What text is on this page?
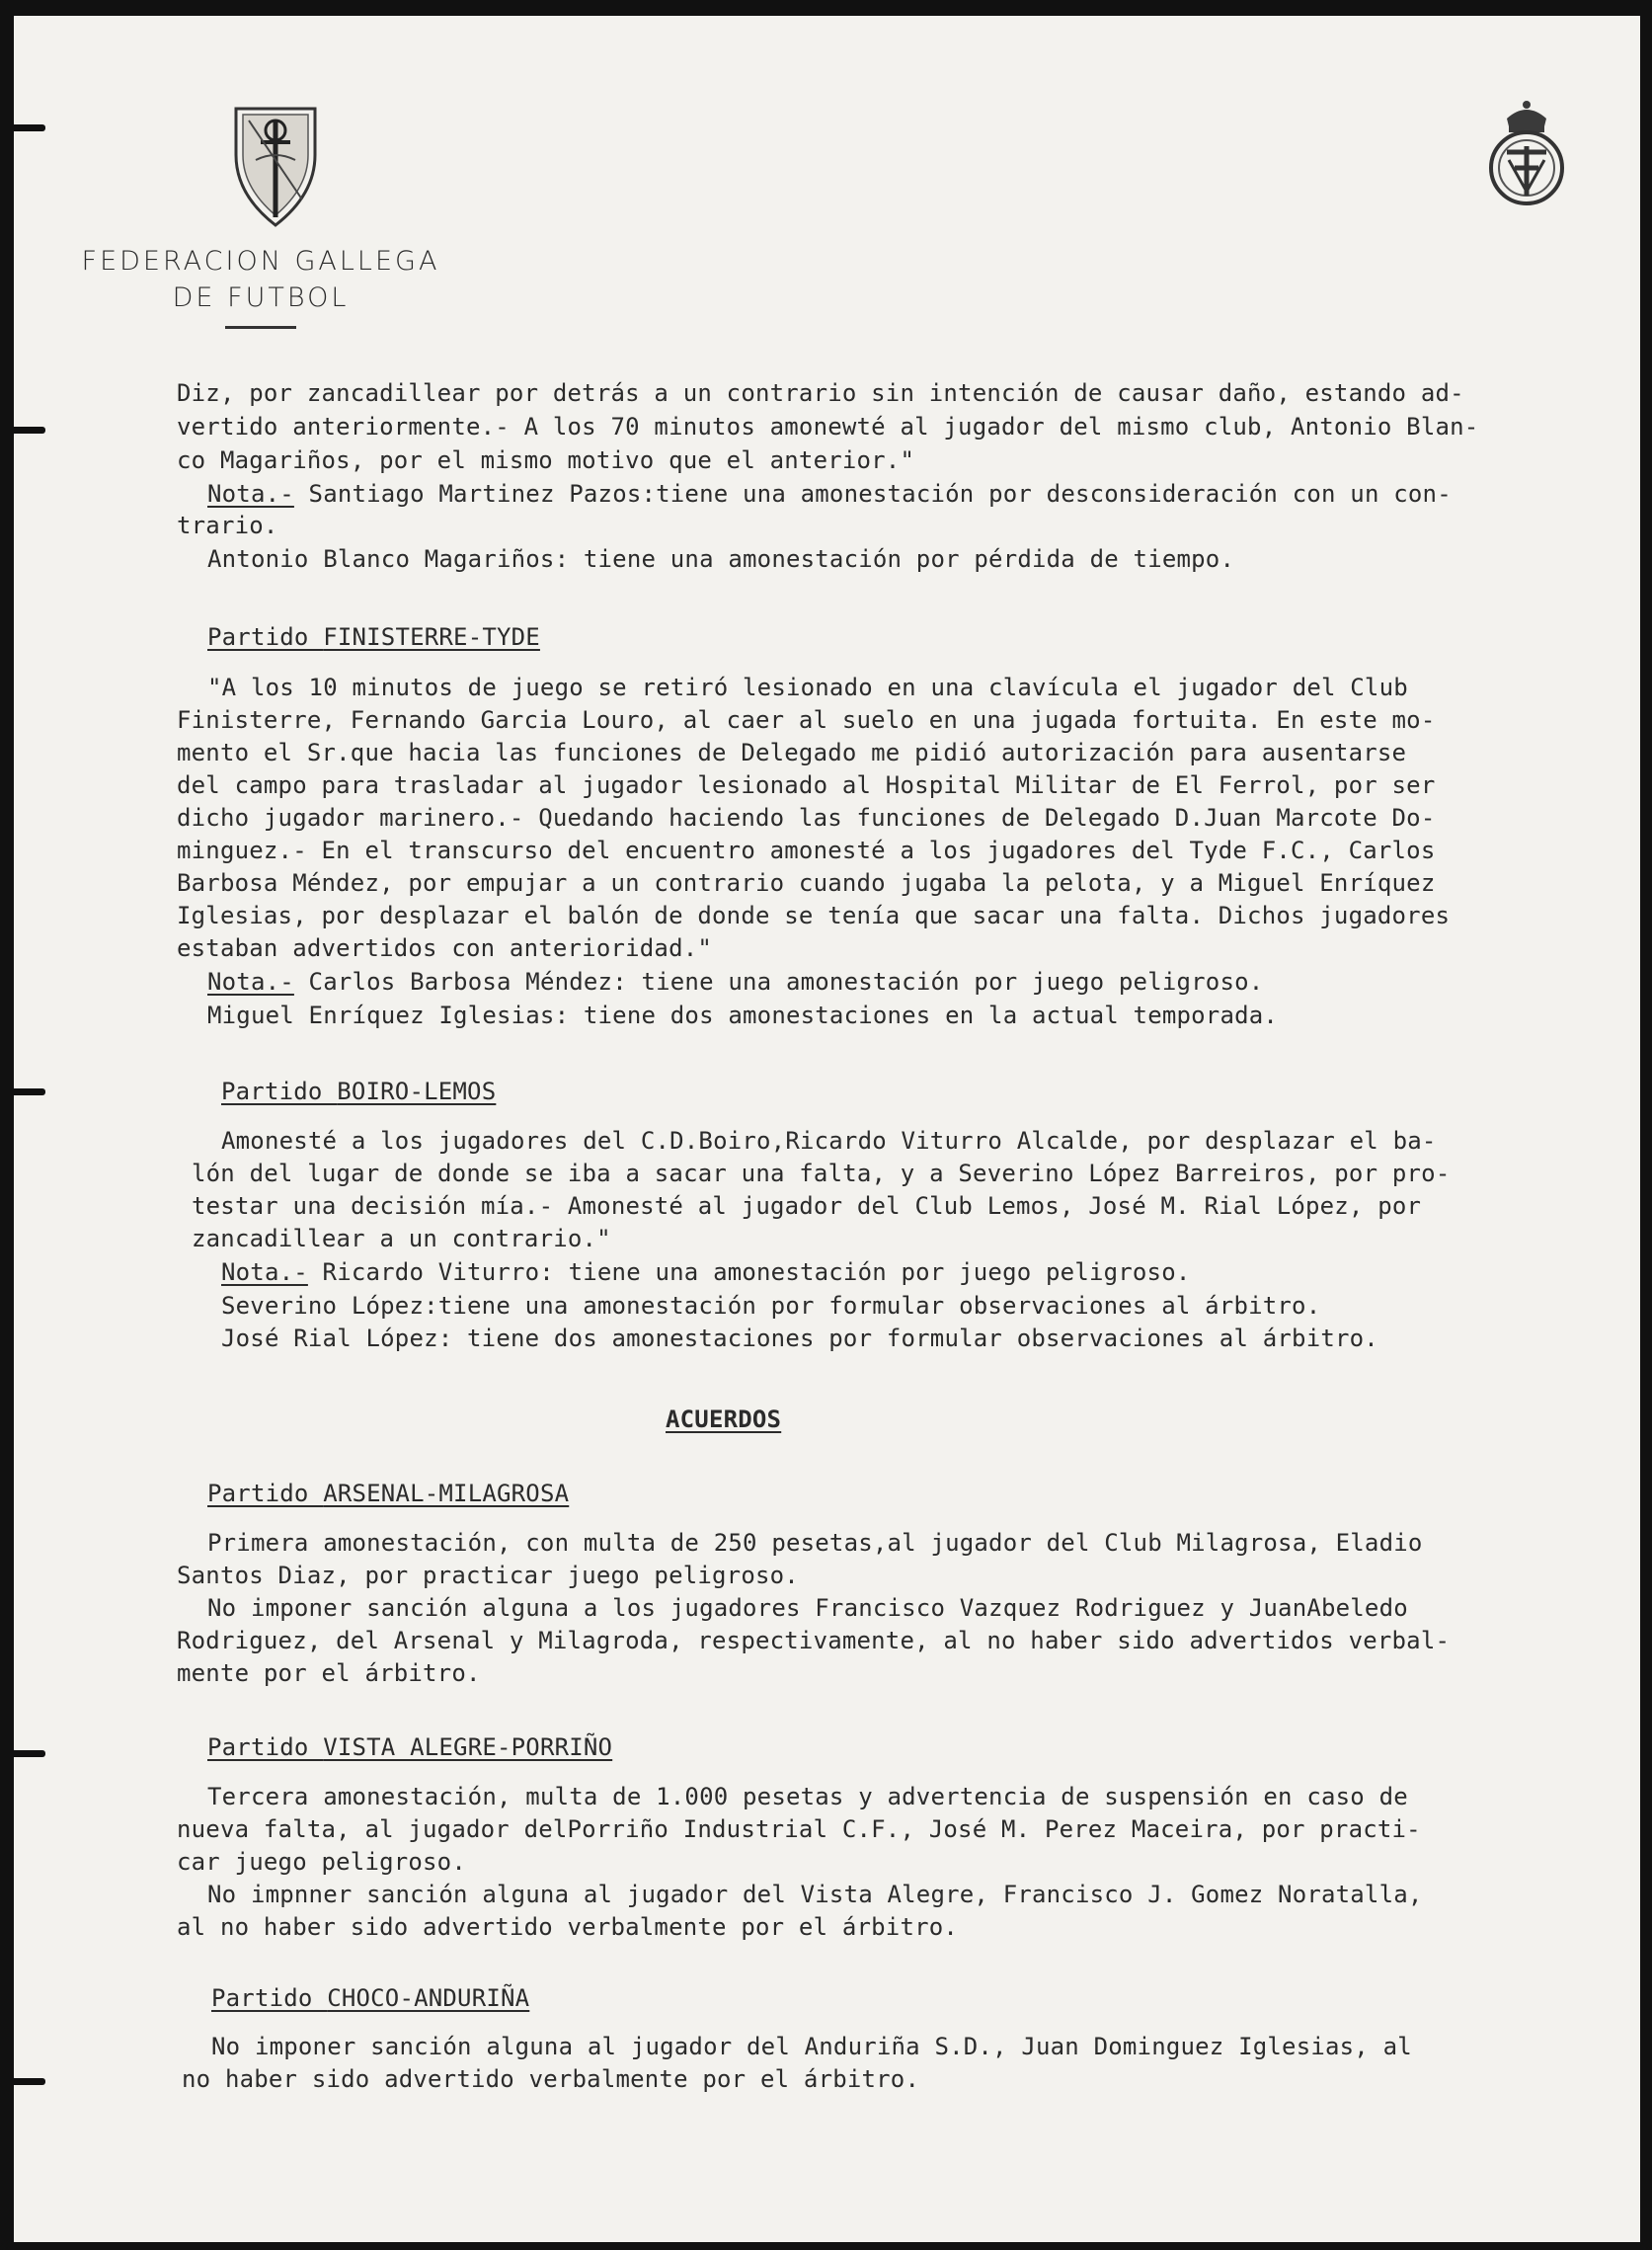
FEDERACION GALLEGA
DE FUTBOL
Diz, por zancadillear por detrás a un contrario sin intención de causar daño, estando ad-
vertido anteriormente.- A los 70 minutos amonewté al jugador del mismo club, Antonio Blan-
co Magariños, por el mismo motivo que el anterior."
Nota.- Santiago Martinez Pazos:tiene una amonestación por desconsideración con un con-
trario.
Antonio Blanco Magariños: tiene una amonestación por pérdida de tiempo.
Partido FINISTERRE-TYDE
"A los 10 minutos de juego se retiró lesionado en una clavícula el jugador del Club
Finisterre, Fernando Garcia Louro, al caer al suelo en una jugada fortuita. En este mo-
mento el Sr.que hacia las funciones de Delegado me pidió autorización para ausentarse
del campo para trasladar al jugador lesionado al Hospital Militar de El Ferrol, por ser
dicho jugador marinero.- Quedando haciendo las funciones de Delegado D.Juan Marcote Do-
minguez.- En el transcurso del encuentro amonesté a los jugadores del Tyde F.C., Carlos
Barbosa Méndez, por empujar a un contrario cuando jugaba la pelota, y a Miguel Enríquez
Iglesias, por desplazar el balón de donde se tenía que sacar una falta. Dichos jugadores
estaban advertidos con anterioridad."
Nota.- Carlos Barbosa Méndez: tiene una amonestación por juego peligroso.
Miguel Enríquez Iglesias: tiene dos amonestaciones en la actual temporada.
Partido BOIRO-LEMOS
Amonesté a los jugadores del C.D.Boiro,Ricardo Viturro Alcalde, por desplazar el ba-
lón del lugar de donde se iba a sacar una falta, y a Severino López Barreiros, por pro-
testar una decisión mía.- Amonesté al jugador del Club Lemos, José M. Rial López, por
zancadillear a un contrario."
Nota.- Ricardo Viturro: tiene una amonestación por juego peligroso.
Severino López:tiene una amonestación por formular observaciones al árbitro.
José Rial López: tiene dos amonestaciones por formular observaciones al árbitro.
ACUERDOS
Partido ARSENAL-MILAGROSA
Primera amonestación, con multa de 250 pesetas,al jugador del Club Milagrosa, Eladio
Santos Diaz, por practicar juego peligroso.
No imponer sanción alguna a los jugadores Francisco Vazquez Rodriguez y JuanAbeledo
Rodriguez, del Arsenal y Milagroda, respectivamente, al no haber sido advertidos verbal-
mente por el árbitro.
Partido VISTA ALEGRE-PORRIÑO
Tercera amonestación, multa de 1.000 pesetas y advertencia de suspensión en caso de
nueva falta, al jugador delPorriño Industrial C.F., José M. Perez Maceira, por practi-
car juego peligroso.
No impnner sanción alguna al jugador del Vista Alegre, Francisco J. Gomez Noratalla,
al no haber sido advertido verbalmente por el árbitro.
Partido CHOCO-ANDURIÑA
No imponer sanción alguna al jugador del Anduriña S.D., Juan Dominguez Iglesias, al
no haber sido advertido verbalmente por el árbitro.
